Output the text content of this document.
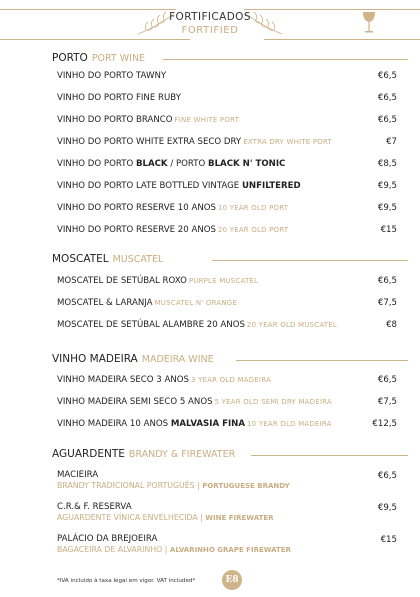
FORTIFICADOS
FORTIFIED
PORTO PORT WINE
VINHO DO PORTO TAWNY	€6,5
VINHO DO PORTO FINE RUBY	€6,5
VINHO DO PORTO BRANCO FINE WHITE PORT	€6,5
VINHO DO PORTO WHITE EXTRA SECO DRY EXTRA DRY WHITE PORT	€7
VINHO DO PORTO BLACK / PORTO BLACK N' TONIC	€8,5
VINHO DO PORTO LATE BOTTLED VINTAGE UNFILTERED	€9,5
VINHO DO PORTO RESERVE 10 ANOS 10 YEAR OLD PORT	€9,5
VINHO DO PORTO RESERVE 20 ANOS 20 YEAR OLD PORT	€15
MOSCATEL MUSCATEL
MOSCATEL DE SETÚBAL ROXO PURPLE MUSCATEL	€6,5
MOSCATEL & LARANJA MUSCATEL N' ORANGE	€7,5
MOSCATEL DE SETÚBAL ALAMBRE 20 ANOS 20 YEAR OLD MUSCATEL	€8
VINHO MADEIRA MADEIRA WINE
VINHO MADEIRA SECO 3 ANOS 3 YEAR OLD MADEIRA	€6,5
VINHO MADEIRA SEMI SECO 5 ANOS 5 YEAR OLD SEMI DRY MADEIRA	€7,5
VINHO MADEIRA 10 ANOS MALVASIA FINA 10 YEAR OLD MADEIRA	€12,5
AGUARDENTE BRANDY & FIREWATER
MACIEIRA
BRANDY TRADICIONAL PORTUGUÊS | PORTUGUESE BRANDY
€6,5
C.R.& F. RESERVA
AGUARDENTE VÍNICA ENVELHECIDA | WINE FIREWATER
€9,5
PALÁCIO DA BREJOEIRA
BAGACEIRA DE ALVARINHO | ALVARINHO GRAPE FIREWATER
€15
*IVA incluído à taxa legal em vigor. VAT included*	E8
